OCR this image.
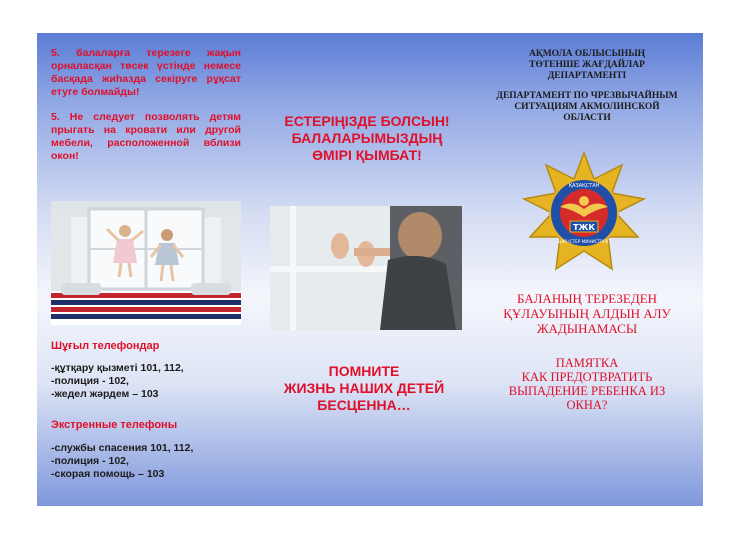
5. балаларға терезеге жақын орналасқан төсек үстінде немесе басқада жиһазда секіруге рұқсат етуге болмайды!

5. Не следует позволять детям прыгать на кровати или другой мебели, расположенной вблизи окон!

Шұғыл телефондар
-құтқару қызметі 101, 112,
-полиция - 102,
-жедел жәрдем – 103
Экстренные телефоны
-службы спасения 101, 112,
-полиция - 102,
-скорая помощь – 103
ЕСТЕРІҢІЗДЕ БОЛСЫН!
БАЛАЛАРЫМЫЗДЫҢ
ӨМІРІ ҚЫМБАТ!
ПОМНИТЕ
ЖИЗНЬ НАШИХ ДЕТЕЙ
БЕСЦЕННА…
АҚМОЛА ОБЛЫСЫНЫҢ
ТӨТЕНШЕ ЖАҒДАЙЛАР
ДЕПАРТАМЕНТІ
ДЕПАРТАМЕНТ ПО ЧРЕЗВЫЧАЙНЫМ
СИТУАЦИЯМ АКМОЛИНСКОЙ
ОБЛАСТИ
ҚАЗАҚСТАН
ІШКІ ІСТЕР МИНИСТРЛІГІ
ТЖК
БАЛАНЫҢ ТЕРЕЗЕДЕН
ҚҰЛАУЫНЫҢ АЛДЫН АЛУ
ЖАДЫНАМАСЫ
ПАМЯТКА
КАК ПРЕДОТВРАТИТЬ
ВЫПАДЕНИЕ РЕБЕНКА ИЗ
ОКНА?
